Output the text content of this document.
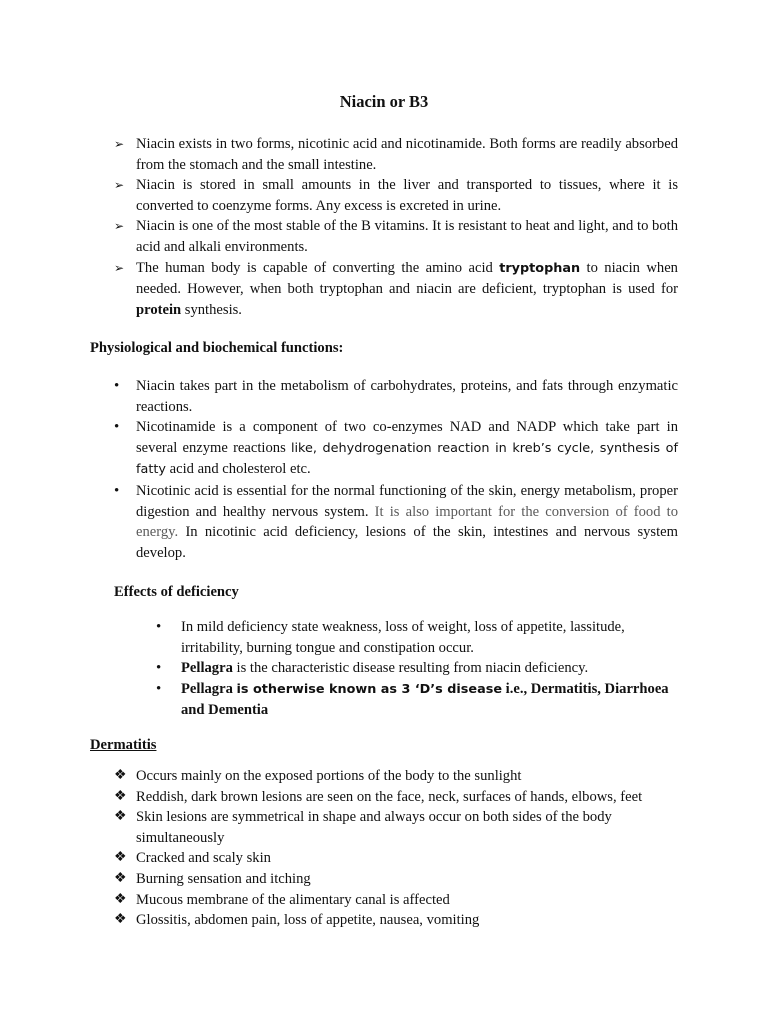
Niacin or B3
➢ Niacin exists in two forms, nicotinic acid and nicotinamide. Both forms are readily absorbed from the stomach and the small intestine.
➢ Niacin is stored in small amounts in the liver and transported to tissues, where it is converted to coenzyme forms. Any excess is excreted in urine.
➢ Niacin is one of the most stable of the B vitamins. It is resistant to heat and light, and to both acid and alkali environments.
➢ The human body is capable of converting the amino acid tryptophan to niacin when needed. However, when both tryptophan and niacin are deficient, tryptophan is used for protein synthesis.
Physiological and biochemical functions:
• Niacin takes part in the metabolism of carbohydrates, proteins, and fats through enzymatic reactions.
• Nicotinamide is a component of two co-enzymes NAD and NADP which take part in several enzyme reactions like, dehydrogenation reaction in kreb’s cycle, synthesis of fatty acid and cholesterol etc.
• Nicotinic acid is essential for the normal functioning of the skin, energy metabolism, proper digestion and healthy nervous system. It is also important for the conversion of food to energy. In nicotinic acid deficiency, lesions of the skin, intestines and nervous system develop.
Effects of deficiency
• In mild deficiency state weakness, loss of weight, loss of appetite, lassitude, irritability, burning tongue and constipation occur.
• Pellagra is the characteristic disease resulting from niacin deficiency.
• Pellagra is otherwise known as 3 ‘D’s disease i.e., Dermatitis, Diarrhoea and Dementia
Dermatitis
❖ Occurs mainly on the exposed portions of the body to the sunlight
❖ Reddish, dark brown lesions are seen on the face, neck, surfaces of hands, elbows, feet
❖ Skin lesions are symmetrical in shape and always occur on both sides of the body simultaneously
❖ Cracked and scaly skin
❖ Burning sensation and itching
❖ Mucous membrane of the alimentary canal is affected
❖ Glossitis, abdomen pain, loss of appetite, nausea, vomiting
